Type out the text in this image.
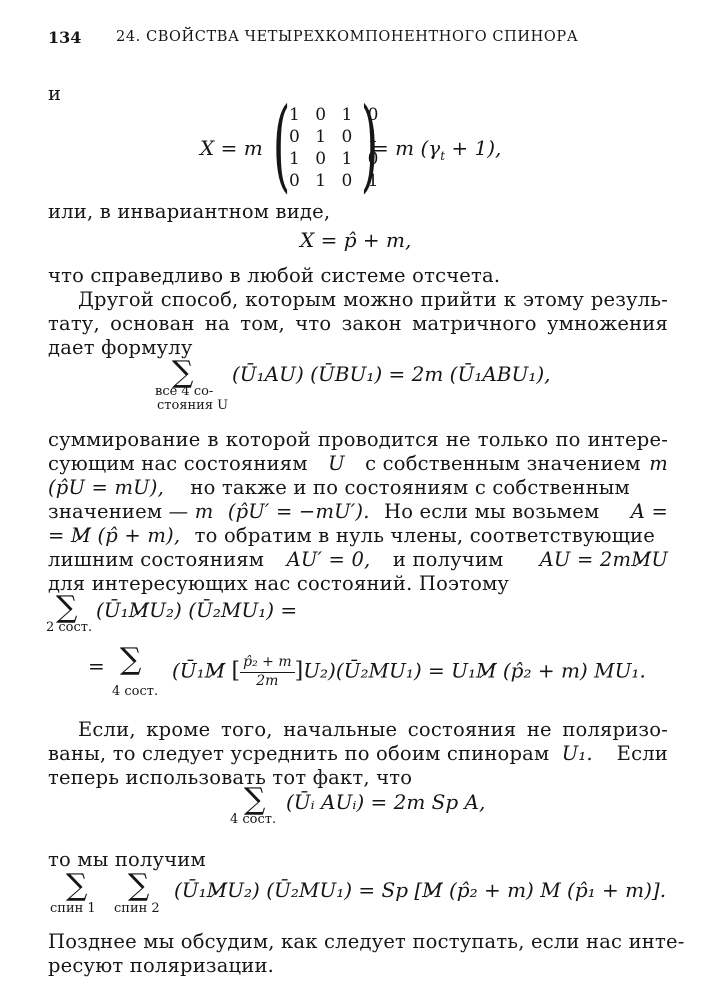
134 24. СВОЙСТВА ЧЕТЫРЕХКОМПОНЕНТНОГО СПИНОРА
и
X = m (
1 0 1 0
0 1 0 1
1 0 1 0
0 1 0 1
)
= m $(\gamma_t + 1)$,
или, в инвариантном виде,
X = p̂ + m,
что справедливо в любой системе отсчета.
Другой способ, которым можно прийти к этому резуль-
тату, основан на том, что закон матричного умножения
дает формулу
∑
все 4 со-
стояния U
(Ū₁AU) (ŪBU₁) = 2m (Ū₁ABU₁),
суммирование в которой проводится не только по интере-
сующим нас состояниям U с собственным значением m
(p̂U = mU), но также и по состояниям с собственным
значением — m (p̂U′ = −mU′). Но если мы возьмем A =
= M̸ (p̂ + m), то обратим в нуль члены, соответствующие
лишним состояниям AU′ = 0, и получим AU = 2mM̸U
для интересующих нас состояний. Поэтому
∑
2 сост.
(Ū₁M̸U₂) (Ū₂MU₁) =
= ∑
4 сост.
(Ū₁M̸ [ $\frac{\text{p̂₂ + m}}{2m}$ ]U₂)(Ū₂MU₁) = U₁M̸ (p̂₂ + m) MU₁.
Если, кроме того, начальные состояния не поляризо-
ваны, то следует усреднить по обоим спинорам U₁. Если
теперь использовать тот факт, что
∑
4 сост.
(Ūᵢ AUᵢ) = 2m Sp A,
то мы получим
∑
спин 1
∑
спин 2
(Ū₁M̸U₂) (Ū₂MU₁) = Sp [M̸ (p̂₂ + m) M (p̂₁ + m)].
Позднее мы обсудим, как следует поступать, если нас инте-
ресуют поляризации.
